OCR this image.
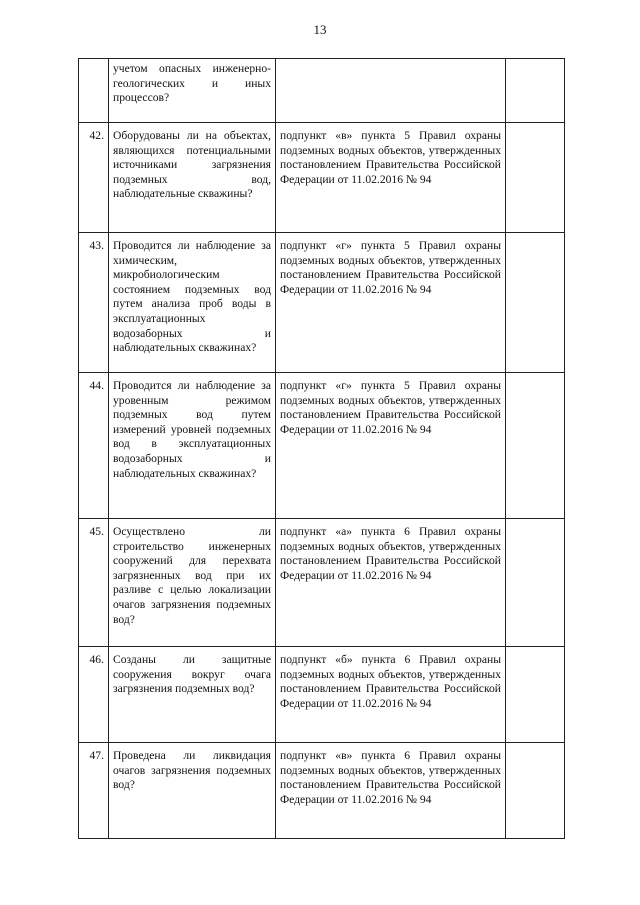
13
	учетом опасных инженерно-геологических и иных процессов?		
42.	Оборудованы ли на объектах, являющихся потенциальными источниками загрязнения подземных вод, наблюдательные скважины?	подпункт «в» пункта 5 Правил охраны подземных водных объектов, утвержденных постановлением Правительства Российской Федерации от 11.02.2016 № 94	
43.	Проводится ли наблюдение за химическим, микробиологическим состоянием подземных вод путем анализа проб воды в эксплуатационных водозаборных и наблюдательных скважинах?	подпункт «г» пункта 5 Правил охраны подземных водных объектов, утвержденных постановлением Правительства Российской Федерации от 11.02.2016 № 94	
44.	Проводится ли наблюдение за уровенным режимом подземных вод путем измерений уровней подземных вод в эксплуатационных водозаборных и наблюдательных скважинах?	подпункт «г» пункта 5 Правил охраны подземных водных объектов, утвержденных постановлением Правительства Российской Федерации от 11.02.2016 № 94	
45.	Осуществлено ли строительство инженерных сооружений для перехвата загрязненных вод при их разливе с целью локализации очагов загрязнения подземных вод?	подпункт «а» пункта 6 Правил охраны подземных водных объектов, утвержденных постановлением Правительства Российской Федерации от 11.02.2016 № 94	
46.	Созданы ли защитные сооружения вокруг очага загрязнения подземных вод?	подпункт «б» пункта 6 Правил охраны подземных водных объектов, утвержденных постановлением Правительства Российской Федерации от 11.02.2016 № 94	
47.	Проведена ли ликвидация очагов загрязнения подземных вод?	подпункт «в» пункта 6 Правил охраны подземных водных объектов, утвержденных постановлением Правительства Российской Федерации от 11.02.2016 № 94	
